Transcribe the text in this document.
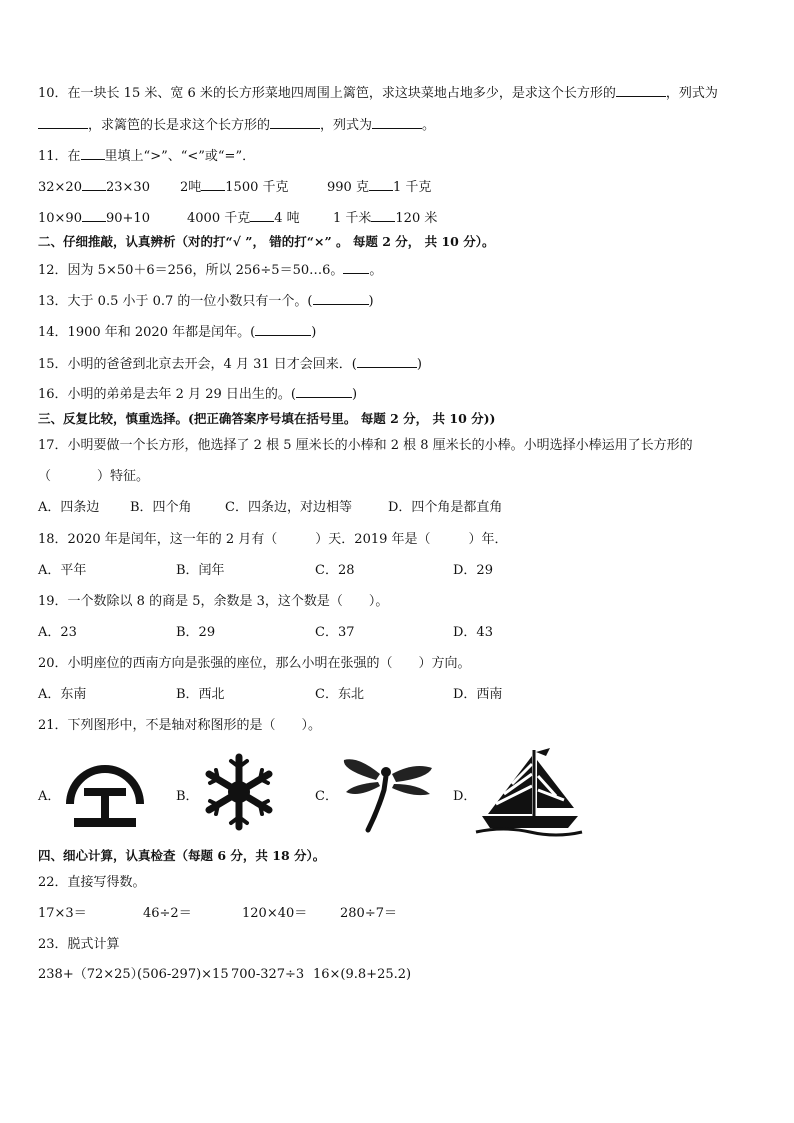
10．在一块长 15 米、宽 6 米的长方形菜地四周围上篱笆，求这块菜地占地多少，是求这个长方形的	，列式为
，求篱笆的长是求这个长方形的	，列式为	。
11．在 里填上“>”、“<”或“=”．
32×20 23×30 2吨 1500 千克	990 克 1 千克
10×90 90+10	4000 千克 4 吨	1 千米 120 米
二、仔细推敲，认真辨析（对的打“√ ”， 错的打“×” 。 每题 2 分， 共 10 分）。
12．因为 5×50＋6＝256，所以 256÷5＝50…6。 。
13．大于 0.5 小于 0.7 的一位小数只有一个。(	)
14．1900 年和 2020 年都是闰年。(	)
15．小明的爸爸到北京去开会，4 月 31 日才会回来．(	)
16．小明的弟弟是去年 2 月 29 日出生的。(	)
三、反复比较，慎重选择。(把正确答案序号填在括号里。 每题 2 分， 共 10 分))
17．小明要做一个长方形，他选择了 2 根 5 厘米长的小棒和 2 根 8 厘米长的小棒。小明选择小棒运用了长方形的
（	）特征。
A．四条边 B．四个角	C．四条边，对边相等	D．四个角是都直角
18．2020 年是闰年，这一年的 2 月有（	）天．2019 年是（	）年．
A．平年	B．闰年	C．28	D．29
19．一个数除以 8 的商是 5，余数是 3，这个数是（ ）。
A．23	B．29	C．37	D．43
20．小明座位的西南方向是张强的座位，那么小明在张强的（ ）方向。
A．东南	B．西北	C．东北	D．西南
21．下列图形中，不是轴对称图形的是（ ）。
A．	B．	C．	D．
四、细心计算，认真检查（每题 6 分，共 18 分）。
22．直接写得数。
17×3＝	46÷2＝	120×40＝	280÷7＝
23．脱式计算
238+（72×25）
(506-297)×15 700-327÷3 16×(9.8+25.2)
